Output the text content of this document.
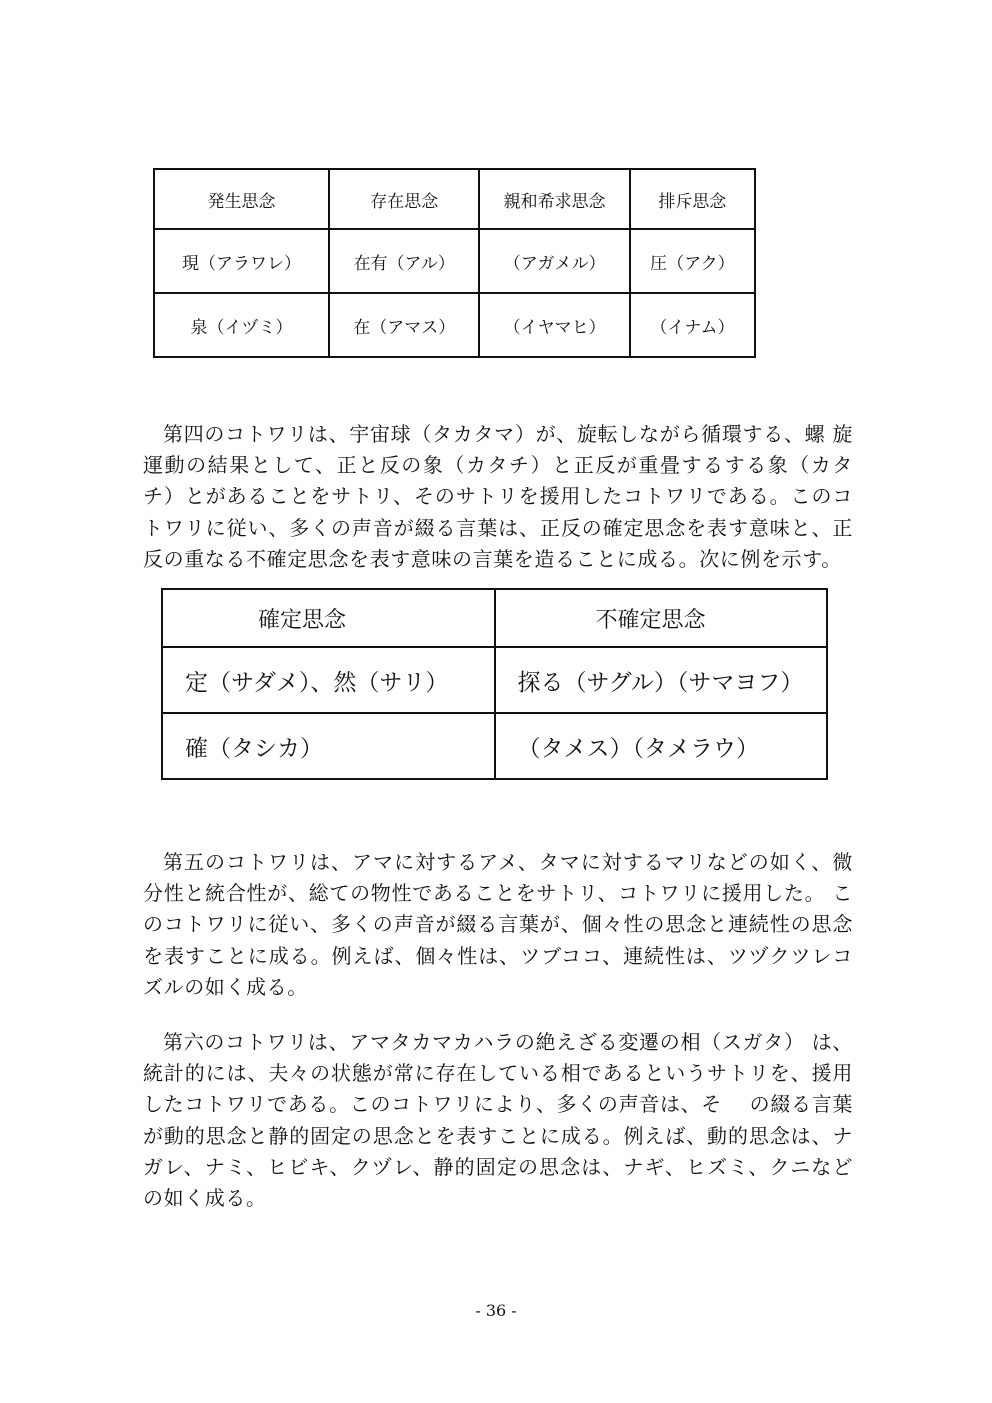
発生思念	存在思念	親和希求思念	排斥思念
現（アラワレ）	在有（アル）	（アガメル）	圧（アク）
泉（イヅミ）	在（アマス）	（イヤマヒ）	（イナム）

第四のコトワリは、宇宙球（タカタマ）が、旋転しながら循環する、螺 旋運動の結果として、正と反の象（カタチ）と正反が重畳するする象（カタチ）とがあることをサトリ、そのサトリを援用したコトワリである。このコトワリに従い、多くの声音が綴る言葉は、正反の確定思念を表す意味と、正反の重なる不確定思念を表す意味の言葉を造ることに成る。次に例を示す。

確定思念	不確定思念
定（サダメ）、然（サリ）	探る（サグル）（サマヨフ）
確（タシカ）	（タメス）（タメラウ）

第五のコトワリは、アマに対するアメ、タマに対するマリなどの如く、微分性と統合性が、総ての物性であることをサトリ、コトワリに援用した。 このコトワリに従い、多くの声音が綴る言葉が、個々性の思念と連続性の思念を表すことに成る。例えば、個々性は、ツブココ、連続性は、ツヅクツレコズルの如く成る。

第六のコトワリは、アマタカマカハラの絶えざる変遷の相（スガタ） は、統計的には、夫々の状態が常に存在している相であるというサトリを、援用したコトワリである。このコトワリにより、多くの声音は、そ　 の綴る言葉が動的思念と静的固定の思念とを表すことに成る。例えば、動的思念は、ナガレ、ナミ、ヒビキ、クヅレ、静的固定の思念は、ナギ、ヒズミ、クニなどの如く成る。

- 36 -
